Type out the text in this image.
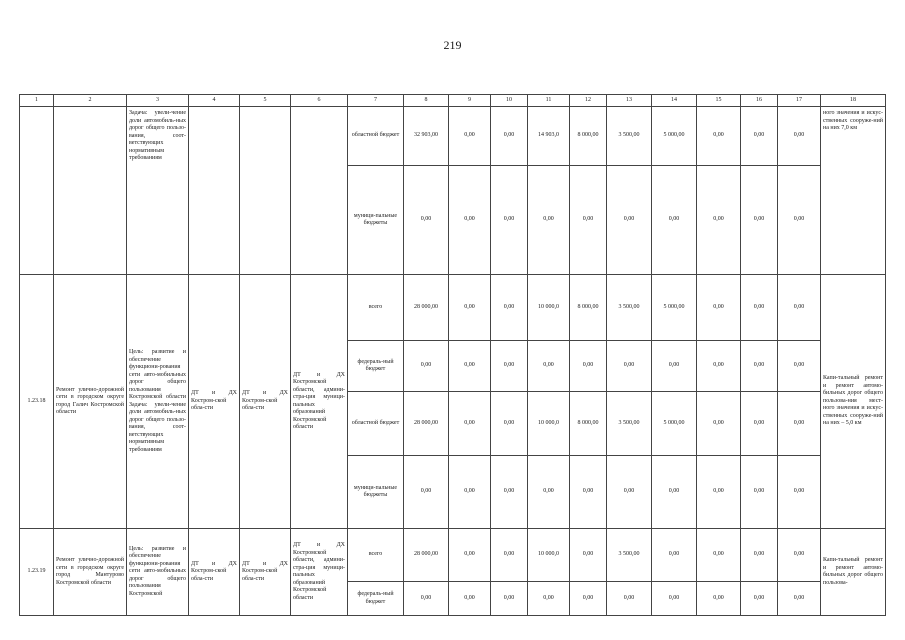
219
1	2	3	4	5	6	7	8	9	10	11	12	13	14	15	16	17	18
		Задача: увели-чение доли автомобиль-ных дорог общего пользо-вания, соот-ветствующих нормативным требованиям				областной бюджет	32 903,00	0,00	0,00	14 903,0	8 000,00	3 500,00	5 000,00	0,00	0,00	0,00	ного значения и искус-ственных сооруже-ний на них 7,0 км
						муници-пальные бюджеты	0,00	0,00	0,00	0,00	0,00	0,00	0,00	0,00	0,00	0,00	
1.23.18	Ремонт улично-дорожной сети в городском округе город Галич Костромской области	Цель: развитие и обеспечение функциони-рования сети авто-мобильных дорог общего пользования Костромской области Задача: увели-чение доли автомобиль-ных дорог общего пользо-вания, соот-ветствующих нормативным требованиям	ДТ и ДХ Костром-ской обла-сти	ДТ и ДХ Костром-ской обла-сти	ДТ и ДХ Костромской области, админи-стра-ция муници-пальных образований Костромской области	всего	28 000,00	0,00	0,00	10 000,0	8 000,00	3 500,00	5 000,00	0,00	0,00	0,00	Капи-тальный ремонт и ремонт автомо-бильных дорог общего пользова-ния мест-ного значения и искус-ственных сооруже-ний на них – 5,0 км
						федераль-ный бюджет	0,00	0,00	0,00	0,00	0,00	0,00	0,00	0,00	0,00	0,00	
						областной бюджет	28 000,00	0,00	0,00	10 000,0	8 000,00	3 500,00	5 000,00	0,00	0,00	0,00	
						муници-пальные бюджеты	0,00	0,00	0,00	0,00	0,00	0,00	0,00	0,00	0,00	0,00	
1.23.19	Ремонт улично-дорожной сети в городском округе город Мантурово Костромской области	Цель: развитие и обеспечение функциони-рования сети авто-мобильных дорог общего пользования Костромской	ДТ и ДХ Костром-ской обла-сти	ДТ и ДХ Костром-ской обла-сти	ДТ и ДХ Костромской области, админи-стра-ция муници-пальных образований Костромской области	всего	28 000,00	0,00	0,00	10 000,0	0,00	3 500,00	0,00	0,00	0,00	0,00	Капи-тальный ремонт и ремонт автомо-бильных дорог общего пользова-
						федераль-ный бюджет	0,00	0,00	0,00	0,00	0,00	0,00	0,00	0,00	0,00	0,00	
